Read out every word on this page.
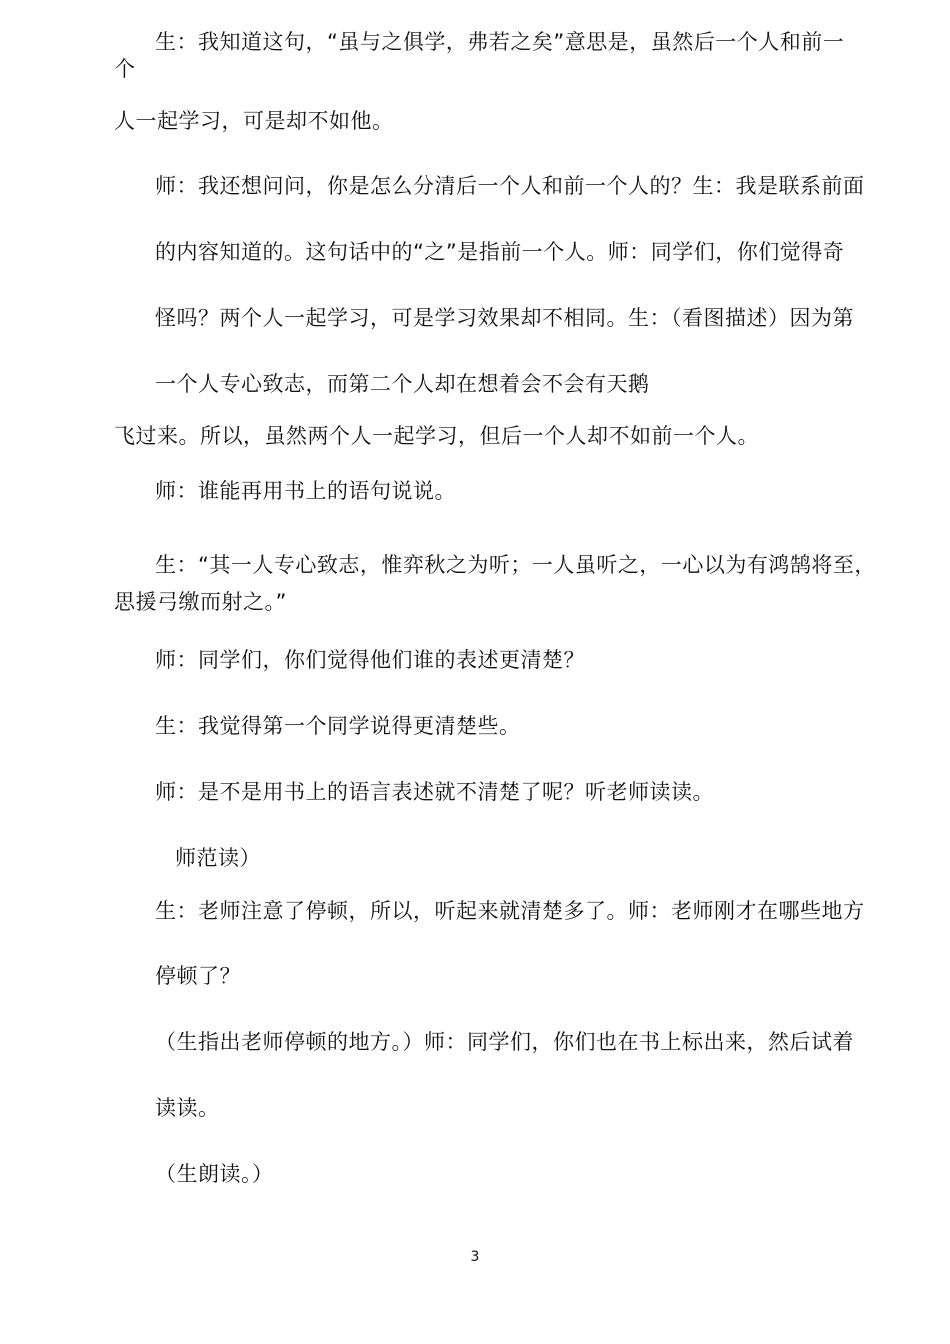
生：我知道这句，“虽与之俱学，弗若之矣”意思是，虽然后一个人和前一
个
人一起学习，可是却不如他。
师：我还想问问，你是怎么分清后一个人和前一个人的？生：我是联系前面
的内容知道的。这句话中的“之”是指前一个人。师：同学们，你们觉得奇
怪吗？两个人一起学习，可是学习效果却不相同。生：（看图描述）因为第
一个人专心致志，而第二个人却在想着会不会有天鹅
飞过来。所以，虽然两个人一起学习，但后一个人却不如前一个人。
师：谁能再用书上的语句说说。
生：“其一人专心致志，惟弈秋之为听；一人虽听之，一心以为有鸿鹄将至，
思援弓缴而射之。”
师：同学们，你们觉得他们谁的表述更清楚？
生：我觉得第一个同学说得更清楚些。
师：是不是用书上的语言表述就不清楚了呢？听老师读读。
师范读）
生：老师注意了停顿，所以，听起来就清楚多了。师：老师刚才在哪些地方
停顿了？
（生指出老师停顿的地方。）师：同学们，你们也在书上标出来，然后试着
读读。
（生朗读。）
3
